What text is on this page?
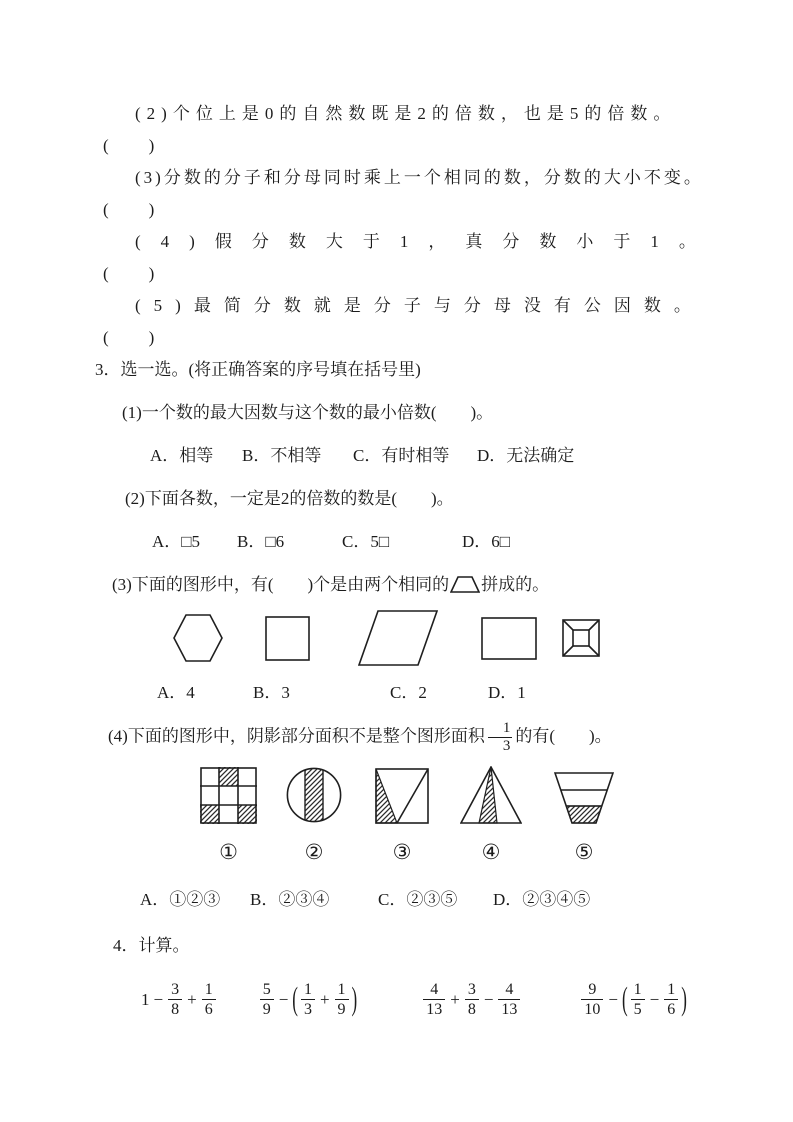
(2)个位上是0的自然数既是2的倍数，也是5的倍数。

(　　)

(3)分数的分子和分母同时乘上一个相同的数，分数的大小不变。

(　　)

(4)假分数大于1，真分数小于1。

(　　)

(5)最简分数就是分子与分母没有公因数。

(　　)

3．选一选。(将正确答案的序号填在括号里)

(1)一个数的最大因数与这个数的最小倍数(　　)。

A．相等	B．不相等	C．有时相等	D．无法确定

(2)下面各数，一定是2的倍数的数是(　　)。

A．□5	B．□6	C．5□	D．6□

(3)下面的图形中，有(　　)个是由两个相同的 拼成的。

A．4	B．3	C．2	D．1

(4)下面的图形中，阴影部分面积不是整个图形面积 $\frac{1}{3}$ 的有(　　)。

①	②	③	④	⑤
A．①②③	B．②③④	C．②③⑤	D．②③④⑤

4．计算。

$1 - \frac{3}{8} + \frac{1}{6}$	$\frac{5}{9}$ − ( $\frac{1}{3} + \frac{1}{9}$ )	$\frac{4}{13} + \frac{3}{8} - \frac{4}{13}$	$\frac{9}{10}$ − ( $\frac{1}{5} - \frac{1}{6}$ )
